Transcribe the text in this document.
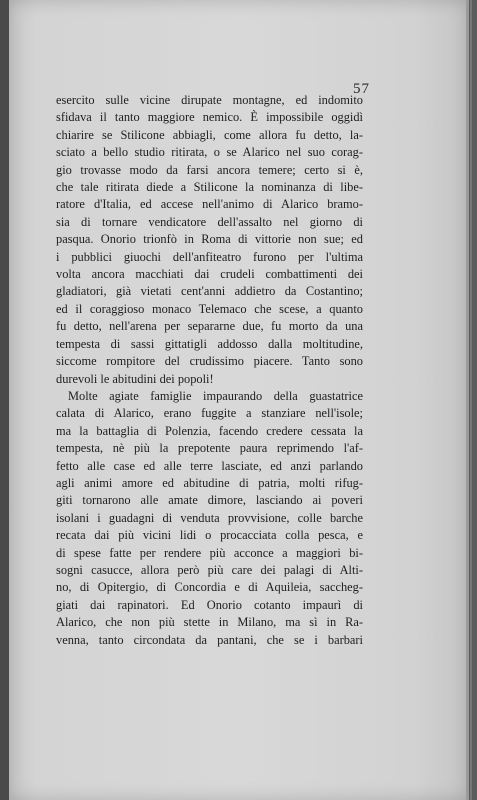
57
esercito sulle vicine dirupate montagne, ed indomito
sfidava il tanto maggiore nemico. È impossibile oggidì
chiarire se Stilicone abbiagli, come allora fu detto, la-
sciato a bello studio ritirata, o se Alarico nel suo corag-
gio trovasse modo da farsi ancora temere; certo si è,
che tale ritirata diede a Stilicone la nominanza di libe-
ratore d'Italia, ed accese nell'animo di Alarico bramo-
sia di tornare vendicatore dell'assalto nel giorno di
pasqua. Onorio trionfò in Roma di vittorie non sue; ed
i pubblici giuochi dell'anfiteatro furono per l'ultima
volta ancora macchiati dai crudeli combattimenti dei
gladiatori, già vietati cent'anni addietro da Costantino;
ed il coraggioso monaco Telemaco che scese, a quanto
fu detto, nell'arena per separarne due, fu morto da una
tempesta di sassi gittatigli addosso dalla moltitudine,
siccome rompitore del crudissimo piacere. Tanto sono
durevoli le abitudini dei popoli!
Molte agiate famiglie impaurando della guastatrice
calata di Alarico, erano fuggite a stanziare nell'isole;
ma la battaglia di Polenzia, facendo credere cessata la
tempesta, nè più la prepotente paura reprimendo l'af-
fetto alle case ed alle terre lasciate, ed anzi parlando
agli animi amore ed abitudine di patria, molti rifug-
giti tornarono alle amate dimore, lasciando ai poveri
isolani i guadagni di venduta provvisione, colle barche
recata dai più vicini lidi o procacciata colla pesca, e
di spese fatte per rendere più acconce a maggiori bi-
sogni casucce, allora però più care dei palagi di Alti-
no, di Opitergio, di Concordia e di Aquileia, saccheg-
giati dai rapinatori. Ed Onorio cotanto impaurì di
Alarico, che non più stette in Milano, ma sì in Ra-
venna, tanto circondata da pantani, che se i barbari
